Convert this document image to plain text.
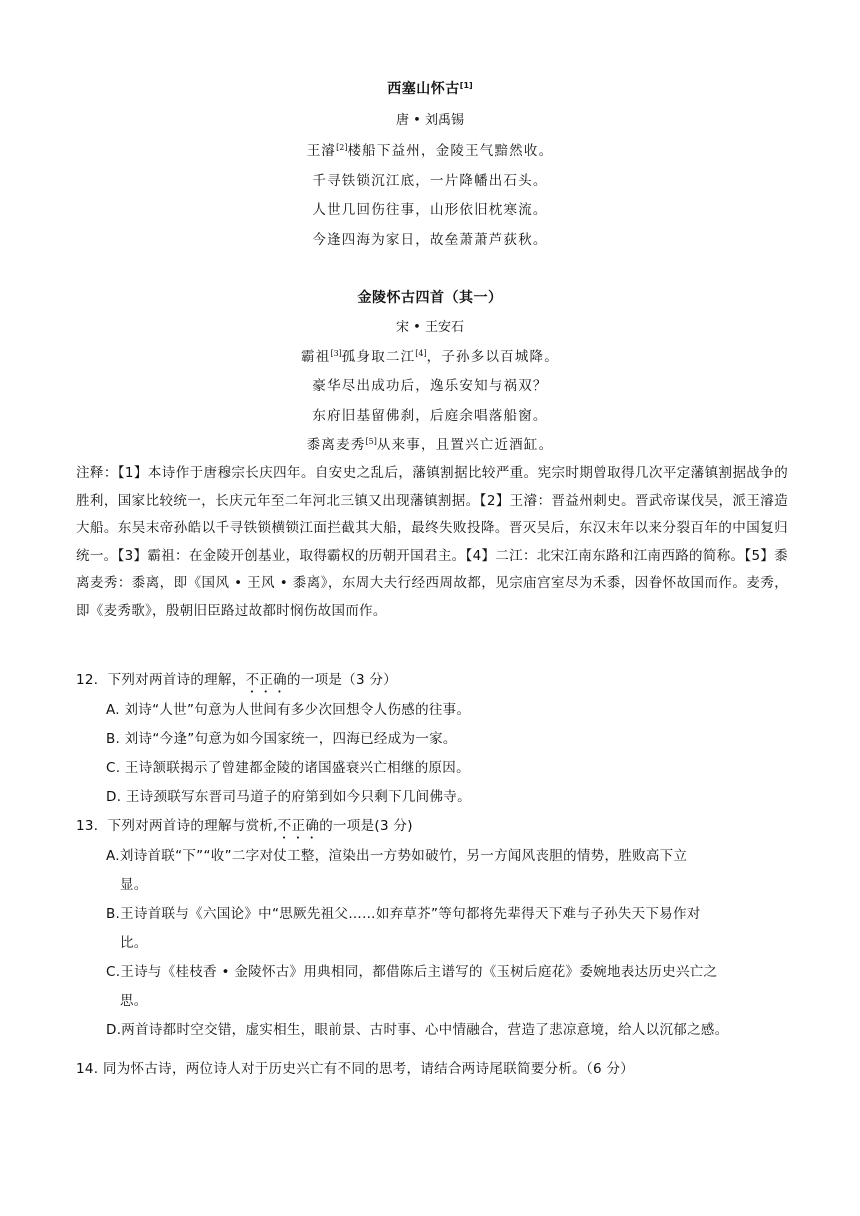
西塞山怀古[1]
唐 • 刘禹锡
王濬[2]楼船下益州，金陵王气黯然收。
千寻铁锁沉江底，一片降幡出石头。
人世几回伤往事，山形依旧枕寒流。
今逢四海为家日，故垒萧萧芦荻秋。
金陵怀古四首（其一）
宋 • 王安石
霸祖[3]孤身取二江[4]，子孙多以百城降。
豪华尽出成功后，逸乐安知与祸双？
东府旧基留佛刹，后庭余唱落船窗。
黍离麦秀[5]从来事，且置兴亡近酒缸。
注释：【1】本诗作于唐穆宗长庆四年。自安史之乱后，藩镇割据比较严重。宪宗时期曾取得几次平定藩镇割据战争的胜利，国家比较统一，长庆元年至二年河北三镇又出现藩镇割据。【2】王濬：晋益州刺史。晋武帝谋伐吴，派王濬造大船。东吴末帝孙皓以千寻铁锁横锁江面拦截其大船，最终失败投降。晋灭吴后，东汉末年以来分裂百年的中国复归统一。【3】霸祖：在金陵开创基业，取得霸权的历朝开国君主。【4】二江：北宋江南东路和江南西路的简称。【5】黍离麦秀：黍离，即《国风 • 王风 • 黍离》，东周大夫行经西周故都，见宗庙宫室尽为禾黍，因眷怀故国而作。麦秀，即《麦秀歌》，殷朝旧臣路过故都时悯伤故国而作。
12．下列对两首诗的理解，不正确的一项是（3 分）
A. 刘诗“人世”句意为人世间有多少次回想令人伤感的往事。
B. 刘诗“今逢”句意为如今国家统一，四海已经成为一家。
C. 王诗颔联揭示了曾建都金陵的诸国盛衰兴亡相继的原因。
D. 王诗颈联写东晋司马道子的府第到如今只剩下几间佛寺。
13．下列对两首诗的理解与赏析,不正确的一项是(3 分)
A.刘诗首联“下”“收”二字对仗工整，渲染出一方势如破竹，另一方闻风丧胆的情势，胜败高下立
显。
B.王诗首联与《六国论》中“思厥先祖父……如弃草芥”等句都将先辈得天下难与子孙失天下易作对
比。
C.王诗与《桂枝香 • 金陵怀古》用典相同，都借陈后主谱写的《玉树后庭花》委婉地表达历史兴亡之
思。
D.两首诗都时空交错，虚实相生，眼前景、古时事、心中情融合，营造了悲凉意境，给人以沉郁之感。
14. 同为怀古诗，两位诗人对于历史兴亡有不同的思考，请结合两诗尾联简要分析。（6 分）
